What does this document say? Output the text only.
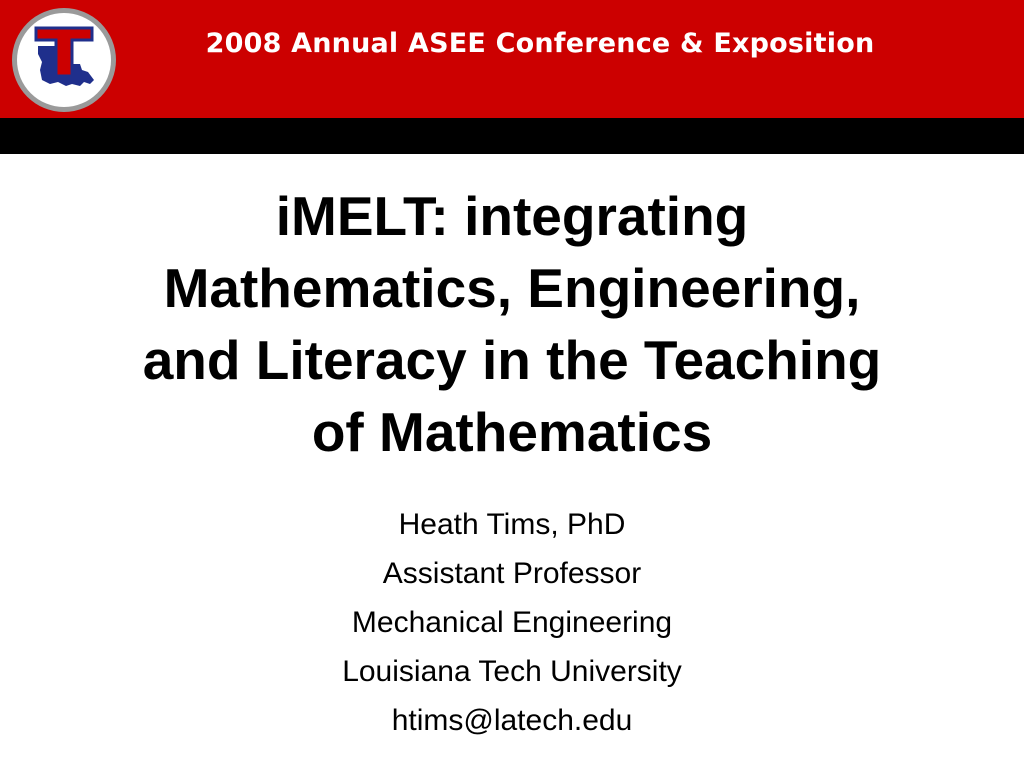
2008 Annual ASEE Conference & Exposition
iMELT: integrating
Mathematics, Engineering,
and Literacy in the Teaching
of Mathematics
Heath Tims, PhD
Assistant Professor
Mechanical Engineering
Louisiana Tech University
htims@latech.edu
